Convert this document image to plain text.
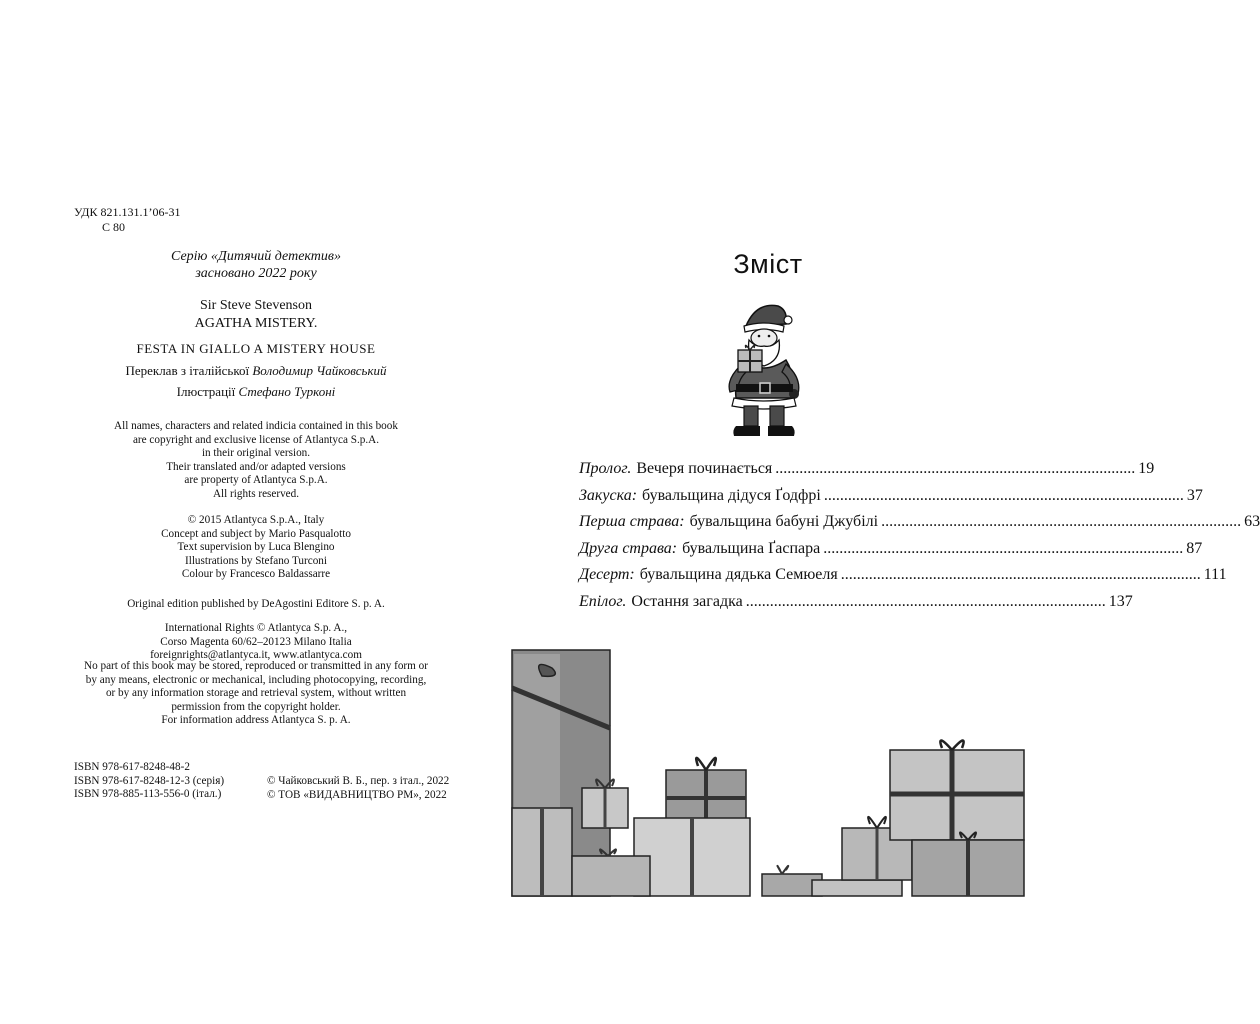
УДК 821.131.1’06-31
С 80
Серію «Дитячий детектив»
засновано 2022 року
Sir Steve Stevenson
AGATHA MISTERY.
FESTA IN GIALLO A MISTERY HOUSE
Переклав з італійської Володимир Чайковський
Ілюстрації Стефано Турконі
All names, characters and related indicia contained in this book
are copyright and exclusive license of Atlantyca S.p.A.
in their original version.
Their translated and/or adapted versions
are property of Atlantyca S.p.A.
All rights reserved.
© 2015 Atlantyca S.p.A., Italy
Concept and subject by Mario Pasqualotto
Text supervision by Luca Blengino
Illustrations by Stefano Turconi
Colour by Francesco Baldassarre
Original edition published by DeAgostini Editore S. p. A.
International Rights © Atlantyca S.p. A.,
Corso Magenta 60/62–20123 Milano Italia
foreignrights@atlantyca.it, www.atlantyca.com
No part of this book may be stored, reproduced or transmitted in any form or
by any means, electronic or mechanical, including photocopying, recording,
or by any information storage and retrieval system, without written
permission from the copyright holder.
For information address Atlantyca S. p. A.
ISBN 978-617-8248-48-2
ISBN 978-617-8248-12-3 (серія)
ISBN 978-885-113-556-0 (італ.)
© Чайковський В. Б., пер. з італ., 2022
© ТОВ «ВИДАВНИЦТВО РМ», 2022
Зміст
Пролог. Вечеря починається .......................................................................................... 19
Закуска: бувальщина дідуся Ґодфрі .......................................................................................... 37
Перша страва: бувальщина бабуні Джубілі .......................................................................................... 63
Друга страва: бувальщина Ґаспара .......................................................................................... 87
Десерт: бувальщина дядька Семюеля .......................................................................................... 111
Епілог. Остання загадка .......................................................................................... 137
